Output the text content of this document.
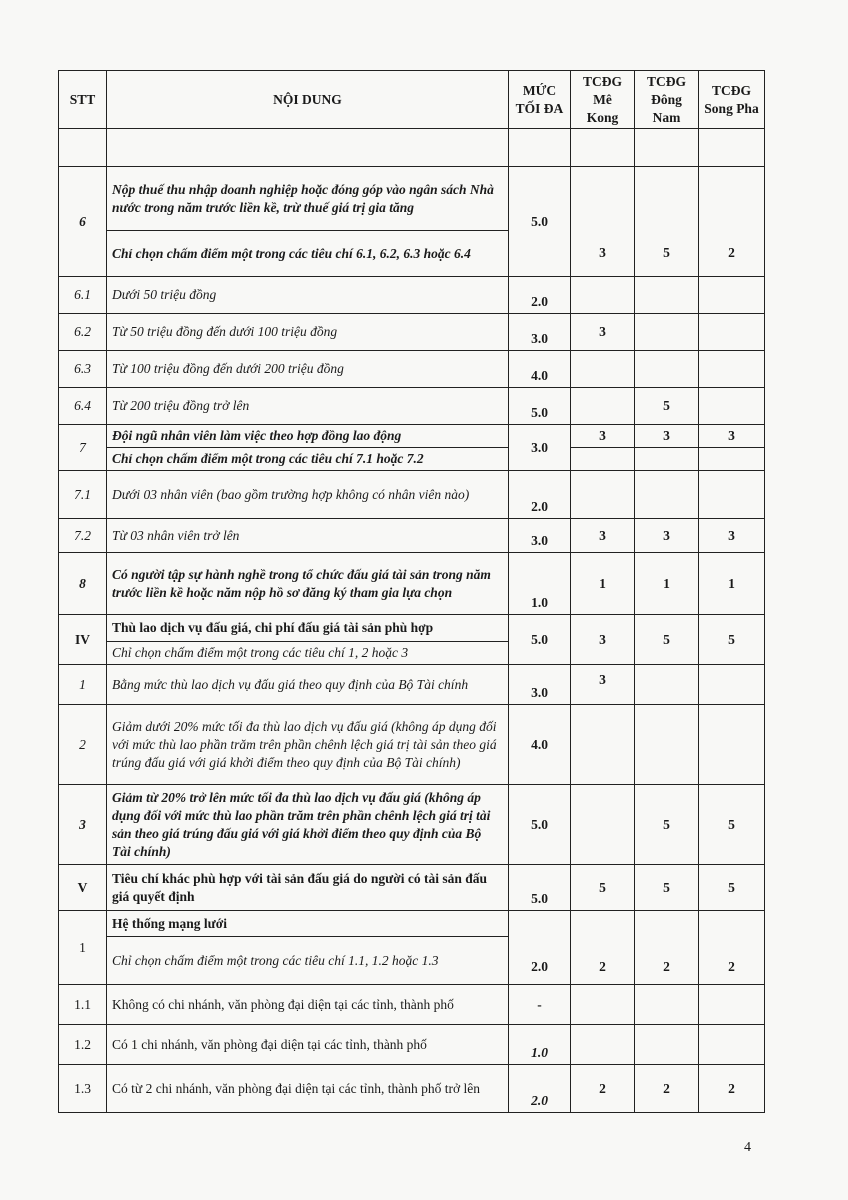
STT	NỘI DUNG	MỨC TỐI ĐA	TCĐG Mê Kong	TCĐG Đông Nam	TCĐG Song Pha

6	Nộp thuế thu nhập doanh nghiệp hoặc đóng góp vào ngân sách Nhà nước trong năm trước liền kề, trừ thuế giá trị gia tăng	5.0	3	5	2
	Chỉ chọn chấm điểm một trong các tiêu chí 6.1, 6.2, 6.3 hoặc 6.4				
6.1	Dưới 50 triệu đồng	2.0			
6.2	Từ 50 triệu đồng đến dưới 100 triệu đồng	3.0	3		
6.3	Từ 100 triệu đồng đến dưới 200 triệu đồng	4.0			
6.4	Từ 200 triệu đồng trở lên	5.0		5	
7	Đội ngũ nhân viên làm việc theo hợp đồng lao động	3.0	3	3	3
	Chỉ chọn chấm điểm một trong các tiêu chí 7.1 hoặc 7.2				
7.1	Dưới 03 nhân viên (bao gồm trường hợp không có nhân viên nào)	2.0			
7.2	Từ 03 nhân viên trở lên	3.0	3	3	3
8	Có người tập sự hành nghề trong tổ chức đấu giá tài sản trong năm trước liền kề hoặc năm nộp hồ sơ đăng ký tham gia lựa chọn	1.0	1	1	1
IV	Thù lao dịch vụ đấu giá, chi phí đấu giá tài sản phù hợp	5.0	3	5	5
	Chỉ chọn chấm điểm một trong các tiêu chí 1, 2 hoặc 3				
1	Bằng mức thù lao dịch vụ đấu giá theo quy định của Bộ Tài chính	3.0	3		
2	Giảm dưới 20% mức tối đa thù lao dịch vụ đấu giá (không áp dụng đối với mức thù lao phần trăm trên phần chênh lệch giá trị tài sản theo giá trúng đấu giá với giá khởi điểm theo quy định của Bộ Tài chính)	4.0			
3	Giảm từ 20% trở lên mức tối đa thù lao dịch vụ đấu giá (không áp dụng đối với mức thù lao phần trăm trên phần chênh lệch giá trị tài sản theo giá trúng đấu giá với giá khởi điểm theo quy định của Bộ Tài chính)	5.0		5	5
V	Tiêu chí khác phù hợp với tài sản đấu giá do người có tài sản đấu giá quyết định	5.0	5	5	5
1	Hệ thống mạng lưới	2.0	2	2	2
	Chỉ chọn chấm điểm một trong các tiêu chí 1.1, 1.2 hoặc 1.3				
1.1	Không có chi nhánh, văn phòng đại diện tại các tỉnh, thành phố	-			
1.2	Có 1 chi nhánh, văn phòng đại diện tại các tỉnh, thành phố	1.0			
1.3	Có từ 2 chi nhánh, văn phòng đại diện tại các tỉnh, thành phố trở lên	2.0	2	2	2
4
